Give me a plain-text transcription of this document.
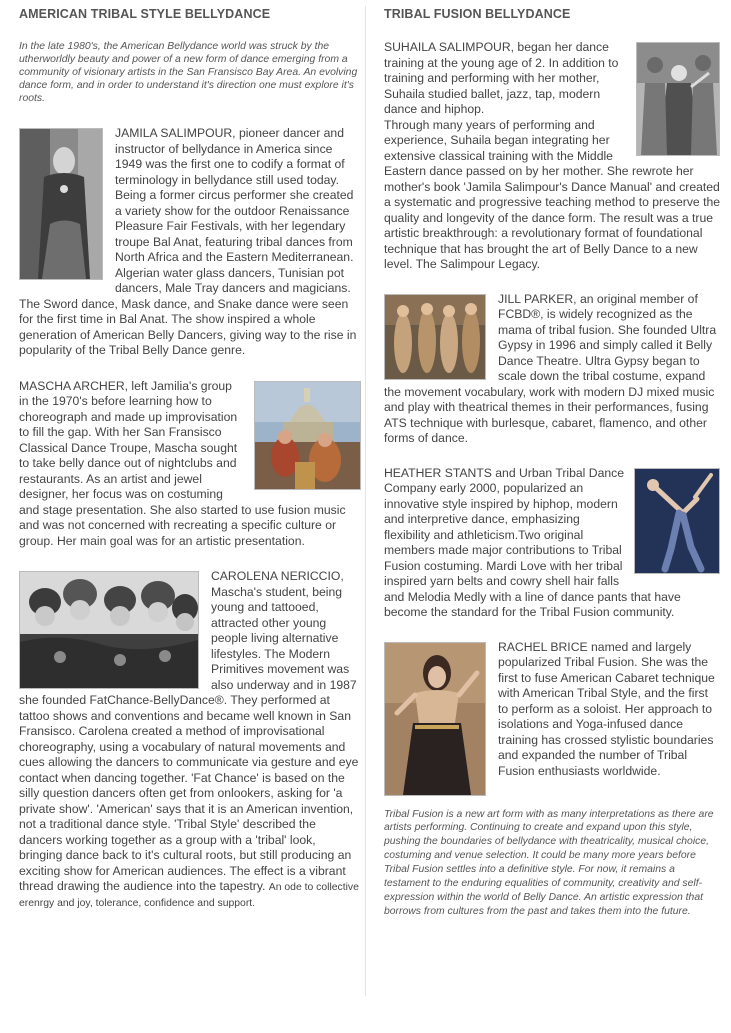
AMERICAN TRIBAL STYLE BELLYDANCE

In the late 1980's, the American Bellydance world was struck by the utherworldly beauty and power of a new form of dance emerging from a community of visionary artists in the San Fransisco Bay Area. An evolving dance form, and in order to understand it's direction one must explore it's roots.

JAMILA SALIMPOUR, pioneer dancer and instructor of bellydance in America since 1949 was the first one to codify a format of terminology in bellydance still used today. Being a former circus performer she created a variety show for the outdoor Renaissance Pleasure Fair Festivals, with her legendary troupe Bal Anat, featuring tribal dances from North Africa and the Eastern Mediterranean. Algerian water glass dancers, Tunisian pot dancers, Male Tray dancers and magicians. The Sword dance, Mask dance, and Snake dance were seen for the first time in Bal Anat. The show inspired a whole generation of American Belly Dancers, giving way to the rise in popularity of the Tribal Belly Dance genre.
MASCHA ARCHER, left Jamilia's group in the 1970's before learning how to choreograph and made up improvisation to fill the gap. With her San Fransisco Classical Dance Troupe, Mascha sought to take belly dance out of nightclubs and restaurants. As an artist and jewel designer, her focus was on costuming and stage presentation. She also started to use fusion music and was not concerned with recreating a specific culture or group. Her main goal was for an artistic presentation.
CAROLENA NERICCIO, Mascha's student, being young and tattooed, attracted other young people living alternative lifestyles. The Modern Primitives movement was also underway and in 1987 she founded FatChance-BellyDance®. They performed at tattoo shows and conventions and became well known in San Fransisco. Carolena created a method of improvisational choreography, using a vocabulary of natural movements and cues allowing the dancers to communicate via gesture and eye contact when dancing together. 'Fat Chance' is based on the silly question dancers often get from onlookers, asking for 'a private show'. 'American' says that it is an American invention, not a traditional dance style. 'Tribal Style' described the dancers working together as a group with a 'tribal' look, bringing dance back to it's cultural roots, but still producing an exciting show for American audiences. The effect is a vibrant thread drawing the audience into the tapestry. An ode to collective erenrgy and joy, tolerance, confidence and support.
TRIBAL FUSION BELLYDANCE

SUHAILA SALIMPOUR, began her dance training at the young age of 2. In addition to training and performing with her mother, Suhaila studied ballet, jazz, tap, modern dance and hiphop.

Through many years of performing and experience, Suhaila began integrating her extensive classical training with the Middle Eastern dance passed on by her mother. She rewrote her mother's book 'Jamila Salimpour's Dance Manual' and created a systematic and progressive teaching method to preserve the quality and longevity of the dance form. The result was a true artistic breakthrough: a revolutionary format of foundational technique that has brought the art of Belly Dance to a new level. The Salimpour Legacy.

JILL PARKER, an original member of FCBD®, is widely recognized as the mama of tribal fusion. She founded Ultra Gypsy in 1996 and simply called it Belly Dance Theatre. Ultra Gypsy began to scale down the tribal costume, expand the movement vocabulary, work with modern DJ mixed music and play with theatrical themes in their performances, fusing ATS technique with burlesque, cabaret, flamenco, and other forms of dance.
HEATHER STANTS and Urban Tribal Dance Company early 2000, popularized an innovative style inspired by hiphop, modern and interpretive dance, emphasizing flexibility and athleticism.Two original members made major contributions to Tribal Fusion costuming. Mardi Love with her tribal inspired yarn belts and cowry shell hair falls and Melodia Medly with a line of dance pants that have become the standard for the Tribal Fusion community.
RACHEL BRICE named and largely popularized Tribal Fusion. She was the first to fuse American Cabaret technique with American Tribal Style, and the first to perform as a soloist. Her approach to isolations and Yoga-infused dance training has crossed stylistic boundaries and expanded the number of Tribal Fusion enthusiasts worldwide.

Tribal Fusion is a new art form with as many interpretations as there are artists performing. Continuing to create and expand upon this style, pushing the boundaries of bellydance with theatricality, musical choice, costuming and venue selection. It could be many more years before Tribal Fusion settles into a definitive style. For now, it remains a testament to the enduring equalities of community, creativity and self-expression within the world of Belly Dance. An artistic expression that borrows from cultures from the past and takes them into the future.
